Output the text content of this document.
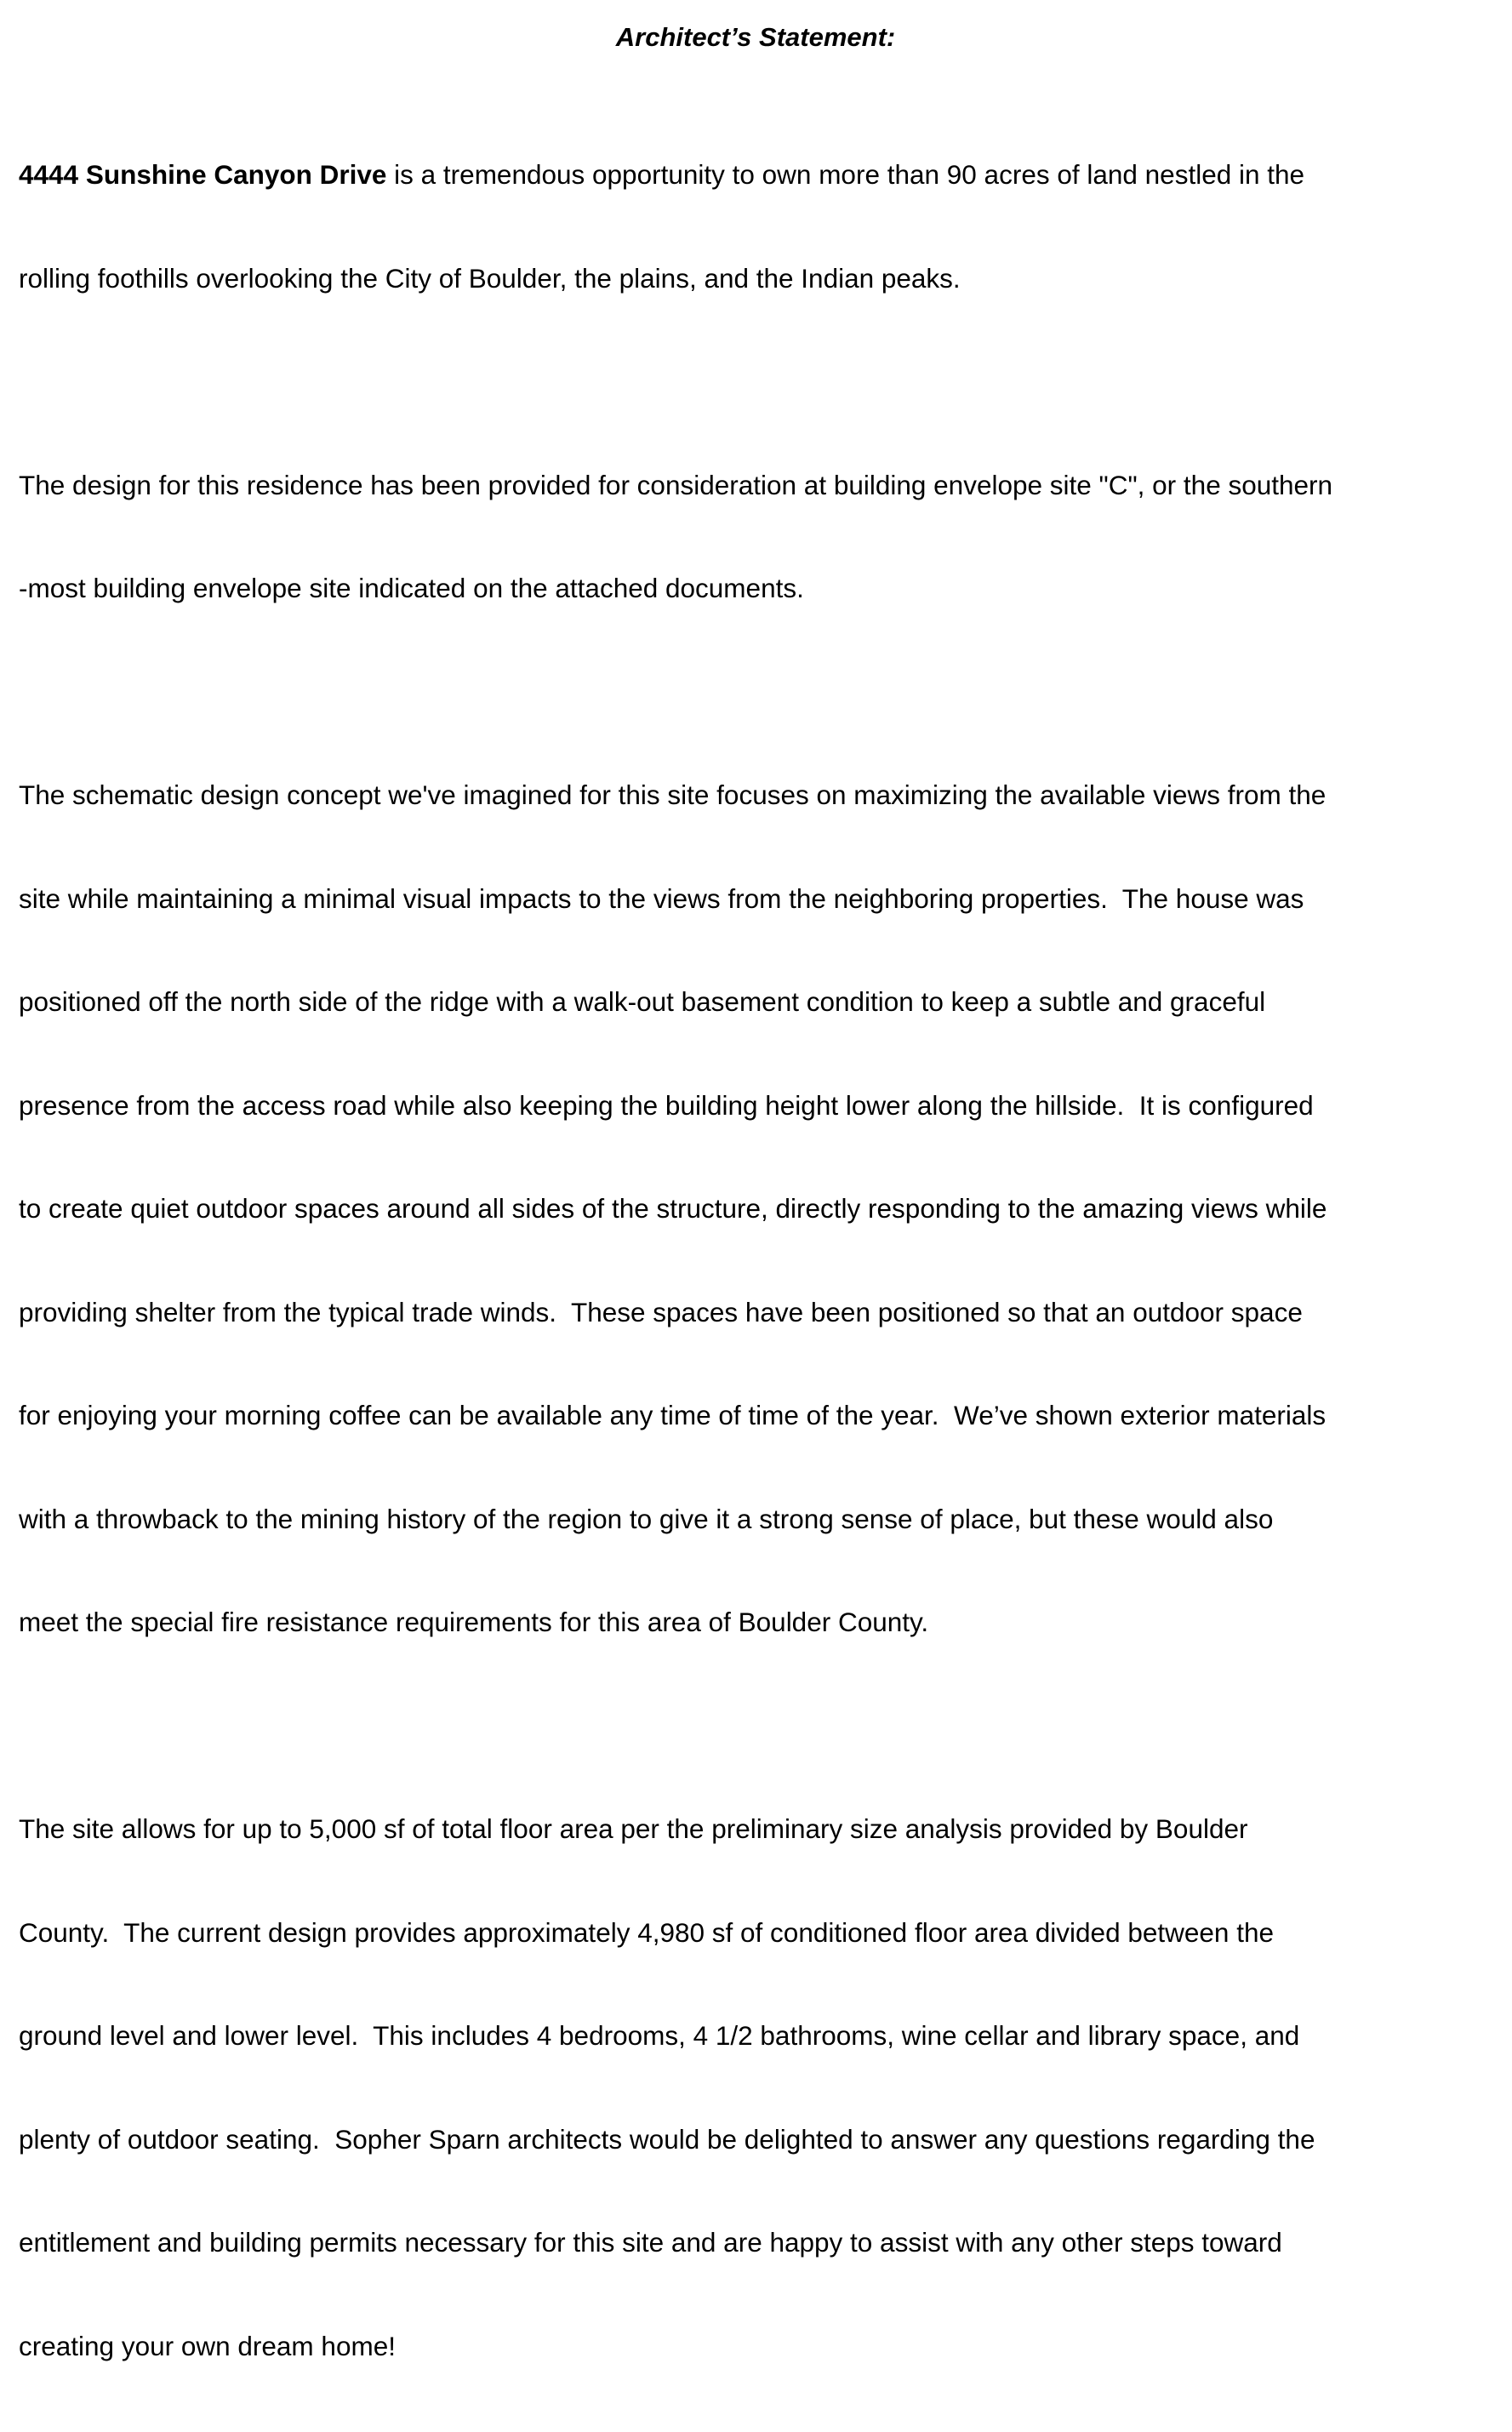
Architect’s Statement:

4444 Sunshine Canyon Drive is a tremendous opportunity to own more than 90 acres of land nestled in the

rolling foothills overlooking the City of Boulder, the plains, and the Indian peaks.

The design for this residence has been provided for consideration at building envelope site "C", or the southern

-most building envelope site indicated on the attached documents.

The schematic design concept we've imagined for this site focuses on maximizing the available views from the

site while maintaining a minimal visual impacts to the views from the neighboring properties.  The house was

positioned off the north side of the ridge with a walk-out basement condition to keep a subtle and graceful

presence from the access road while also keeping the building height lower along the hillside.  It is configured

to create quiet outdoor spaces around all sides of the structure, directly responding to the amazing views while

providing shelter from the typical trade winds.  These spaces have been positioned so that an outdoor space

for enjoying your morning coffee can be available any time of time of the year.  We’ve shown exterior materials

with a throwback to the mining history of the region to give it a strong sense of place, but these would also

meet the special fire resistance requirements for this area of Boulder County.

The site allows for up to 5,000 sf of total floor area per the preliminary size analysis provided by Boulder

County.  The current design provides approximately 4,980 sf of conditioned floor area divided between the

ground level and lower level.  This includes 4 bedrooms, 4 1/2 bathrooms, wine cellar and library space, and

plenty of outdoor seating.  Sopher Sparn architects would be delighted to answer any questions regarding the

entitlement and building permits necessary for this site and are happy to assist with any other steps toward

creating your own dream home!
